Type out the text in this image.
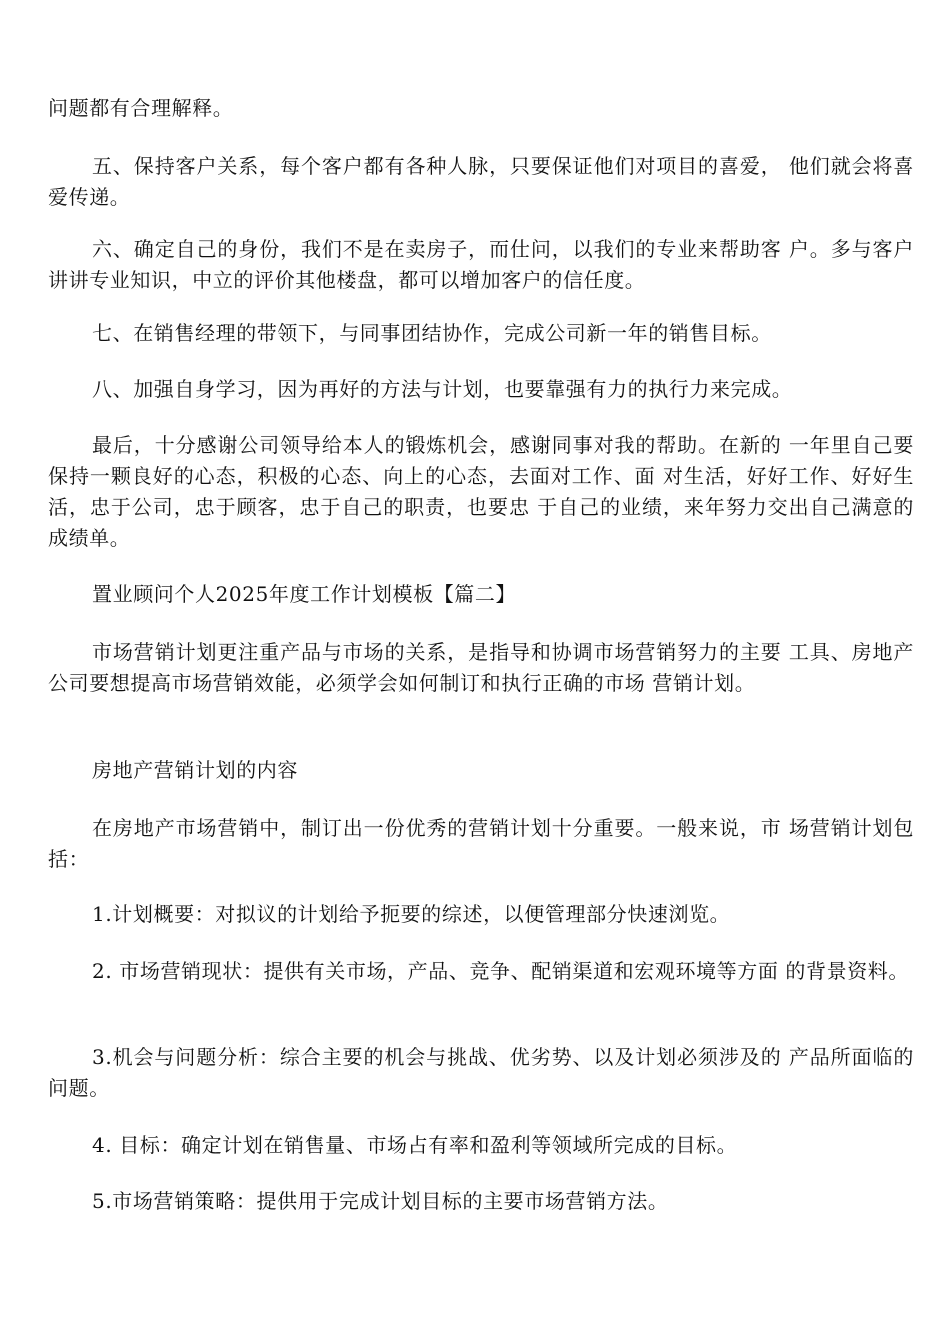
问题都有合理解释。

五、保持客户关系，每个客户都有各种人脉，只要保证他们对项目的喜爱， 他们就会将喜爱传递。

六、确定自己的身份，我们不是在卖房子，而仕问，以我们的专业来帮助客 户。多与客户讲讲专业知识，中立的评价其他楼盘，都可以增加客户的信任度。

七、在销售经理的带领下，与同事团结协作，完成公司新一年的销售目标。

八、加强自身学习，因为再好的方法与计划，也要靠强有力的执行力来完成。

最后，十分感谢公司领导给本人的锻炼机会，感谢同事对我的帮助。在新的 一年里自己要保持一颗良好的心态，积极的心态、向上的心态，去面对工作、面 对生活，好好工作、好好生活，忠于公司，忠于顾客，忠于自己的职责，也要忠 于自己的业绩，来年努力交出自己满意的成绩单。

置业顾问个人2025年度工作计划模板【篇二】

市场营销计划更注重产品与市场的关系，是指导和协调市场营销努力的主要 工具、房地产公司要想提高市场营销效能，必须学会如何制订和执行正确的市场 营销计划。

房地产营销计划的内容

在房地产市场营销中，制订出一份优秀的营销计划十分重要。一般来说，市 场营销计划包括：

1.计划概要：对拟议的计划给予扼要的综述，以便管理部分快速浏览。

2. 市场营销现状：提供有关市场，产品、竞争、配销渠道和宏观环境等方面 的背景资料。

3.机会与问题分析：综合主要的机会与挑战、优劣势、以及计划必须涉及的 产品所面临的问题。

4. 目标：确定计划在销售量、市场占有率和盈利等领域所完成的目标。

5.市场营销策略：提供用于完成计划目标的主要市场营销方法。
